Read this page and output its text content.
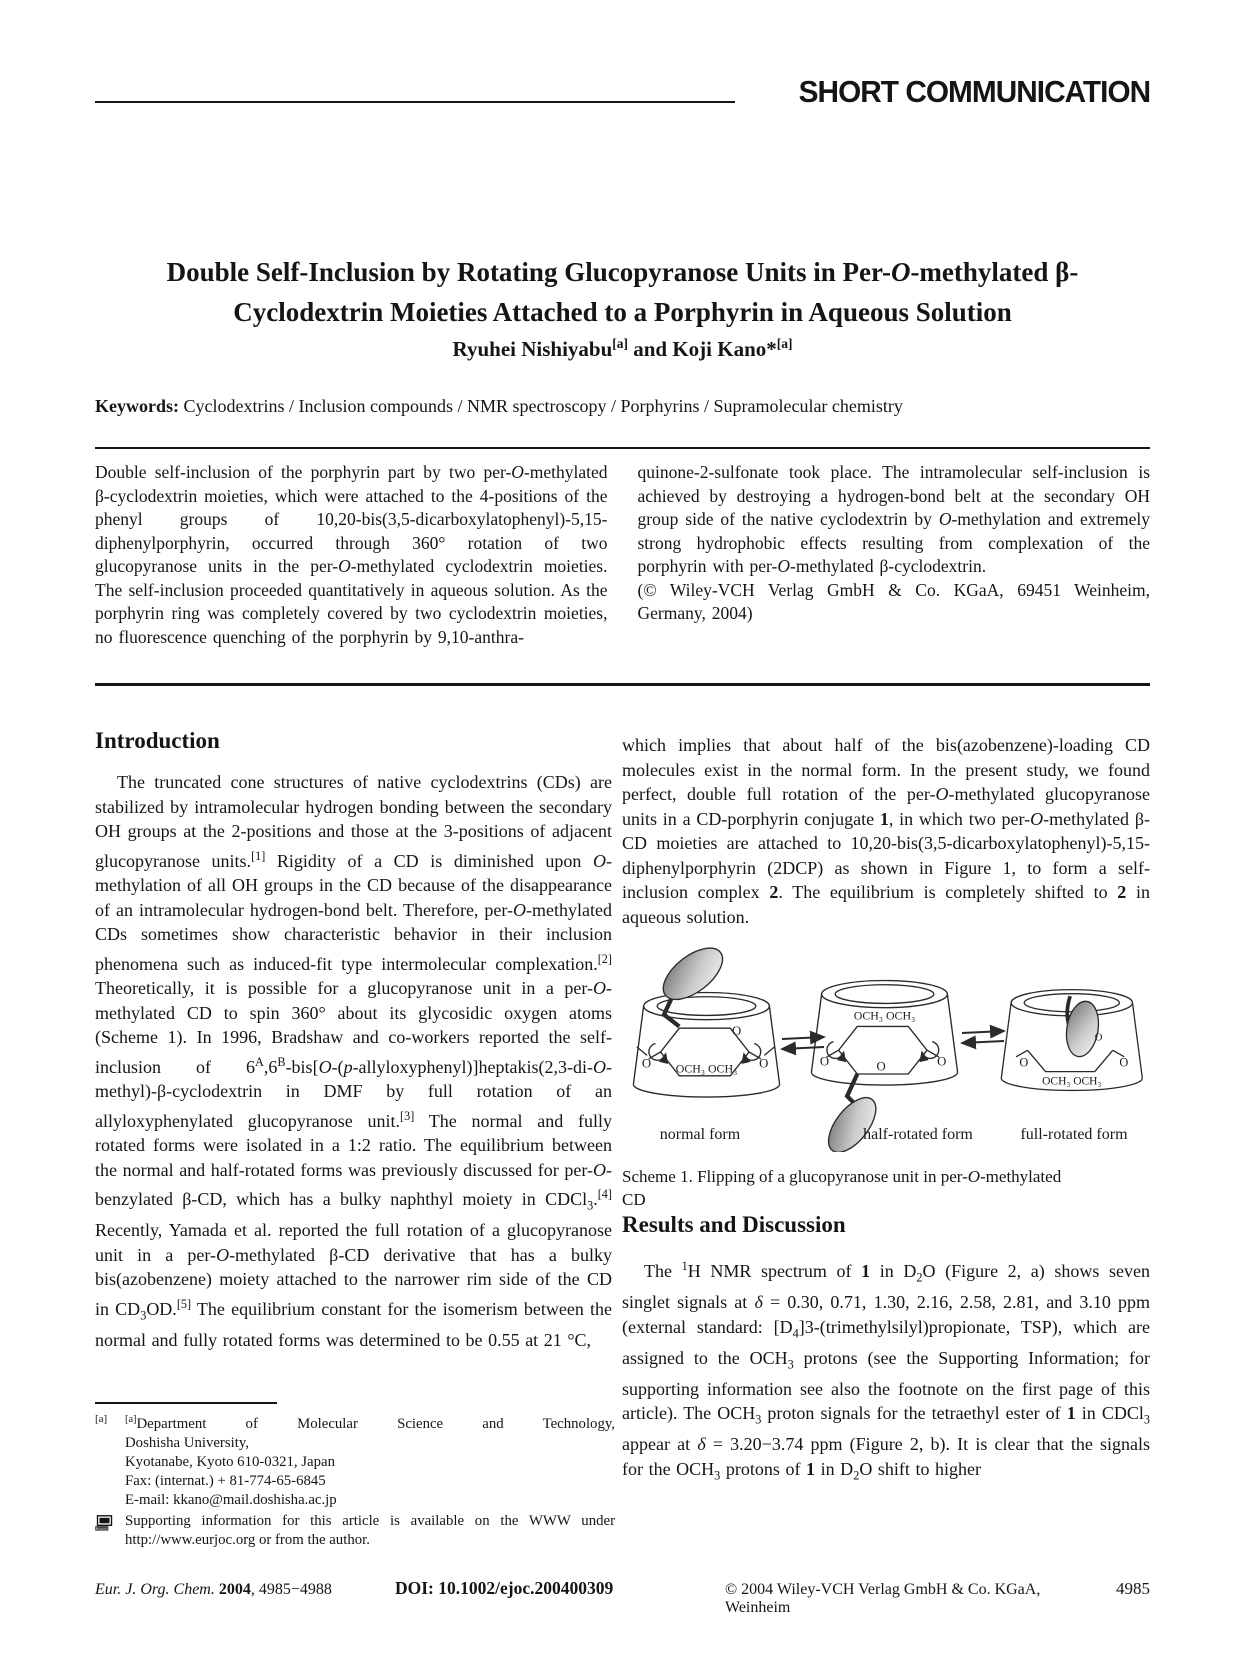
SHORT COMMUNICATION
Double Self-Inclusion by Rotating Glucopyranose Units in Per-O-methylated β-Cyclodextrin Moieties Attached to a Porphyrin in Aqueous Solution
Ryuhei Nishiyabu[a] and Koji Kano*[a]
Keywords: Cyclodextrins / Inclusion compounds / NMR spectroscopy / Porphyrins / Supramolecular chemistry
Double self-inclusion of the porphyrin part by two per-O-methylated β-cyclodextrin moieties, which were attached to the 4-positions of the phenyl groups of 10,20-bis(3,5-dicarboxylatophenyl)-5,15-diphenylporphyrin, occurred through 360° rotation of two glucopyranose units in the per-O-methylated cyclodextrin moieties. The self-inclusion proceeded quantitatively in aqueous solution. As the porphyrin ring was completely covered by two cyclodextrin moieties, no fluorescence quenching of the porphyrin by 9,10-anthra-
quinone-2-sulfonate took place. The intramolecular self-inclusion is achieved by destroying a hydrogen-bond belt at the secondary OH group side of the native cyclodextrin by O-methylation and extremely strong hydrophobic effects resulting from complexation of the porphyrin with per-O-methylated β-cyclodextrin.
(© Wiley-VCH Verlag GmbH & Co. KGaA, 69451 Weinheim, Germany, 2004)
Introduction

The truncated cone structures of native cyclodextrins (CDs) are stabilized by intramolecular hydrogen bonding between the secondary OH groups at the 2-positions and those at the 3-positions of adjacent glucopyranose units.[1] Rigidity of a CD is diminished upon O-methylation of all OH groups in the CD because of the disappearance of an intramolecular hydrogen-bond belt. Therefore, per-O-methylated CDs sometimes show characteristic behavior in their inclusion phenomena such as induced-fit type intermolecular complexation.[2] Theoretically, it is possible for a glucopyranose unit in a per-O-methylated CD to spin 360° about its glycosidic oxygen atoms (Scheme 1). In 1996, Bradshaw and co-workers reported the self-inclusion of $6^A,6^B-bis[O-(p-allyloxyphenyl)]heptakis(2,3-di-O-methyl)-\beta$-cyclodextrin in DMF by full rotation of an allyloxyphenylated glucopyranose unit.[3] The normal and fully rotated forms were isolated in a 1:2 ratio. The equilibrium between the normal and half-rotated forms was previously discussed for per-O-benzylated β-CD, which has a bulky naphthyl moiety in CDCl$_3$.[4] Recently, Yamada et al. reported the full rotation of a glucopyranose unit in a per-O-methylated β-CD derivative that has a bulky bis(azobenzene) moiety attached to the narrower rim side of the CD in $CD_3OD.[5]$ The equilibrium constant for the isomerism between the normal and fully rotated forms was determined to be 0.55 at 21 °C,

which implies that about half of the bis(azobenzene)-loading CD molecules exist in the normal form. In the present study, we found perfect, double full rotation of the per-O-methylated glucopyranose units in a CD-porphyrin conjugate 1, in which two per-O-methylated β-CD moieties are attached to 10,20-bis(3,5-dicarboxylatophenyl)-5,15-diphenylporphyrin (2DCP) as shown in Figure 1, to form a self-inclusion complex 2. The equilibrium is completely shifted to 2 in aqueous solution.

O
O	O
OCH₃ OCH₃
OCH₃ OCH₃
O	O
O
O
O	O
OCH₃ OCH₃
normal form	half-rotated form	full-rotated form
Scheme 1. Flipping of a glucopyranose unit in per-O-methylated
CD
Results and Discussion

The $^1$H NMR spectrum of 1 in $D_2O$ (Figure 2, a) shows seven singlet signals at δ = 0.30, 0.71, 1.30, 2.16, 2.58, 2.81, and 3.10 ppm (external standard: $[D_4]3-(trimethylsilyl)propionate$, TSP), which are assigned to the $OCH_3$ protons (see the Supporting Information; for supporting information see also the footnote on the first page of this article). The $OCH_3$ proton signals for the tetraethyl ester of 1 in CDCl$_3$ appear at δ = 3.20−3.74 ppm (Figure 2, b). It is clear that the signals for the $OCH_3$ protons of 1 in $D_2O$ shift to higher

[a]	[a]Department of Molecular Science and Technology,
Doshisha University,
Kyotanabe, Kyoto 610-0321, Japan
Fax: (internat.) + 81-774-65-6845
E-mail: kkano@mail.doshisha.ac.jp
Supporting information for this article is available on the WWW under http://www.eurjoc.org or from the author.
Eur. J. Org. Chem. 2004, 4985−4988	DOI: 10.1002/ejoc.200400309	© 2004 Wiley-VCH Verlag GmbH & Co. KGaA, Weinheim
4985
